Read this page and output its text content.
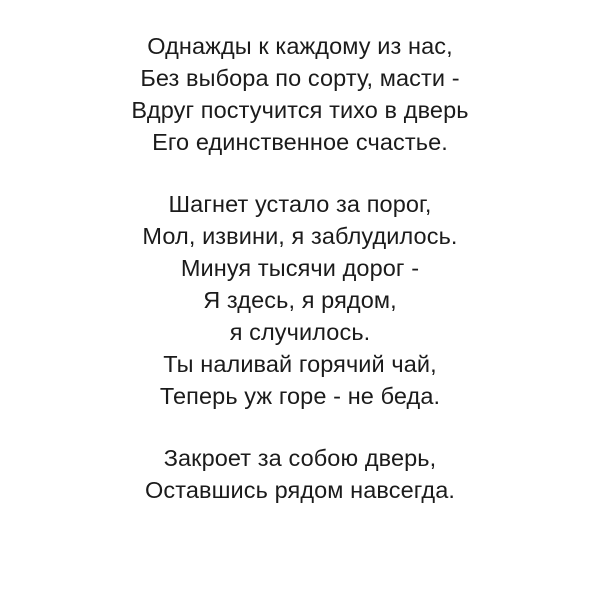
Однажды к каждому из нас,
Без выбора по сорту, масти -
Вдруг постучится тихо в дверь
Его единственное счастье.
Шагнет устало за порог,
Мол, извини, я заблудилось.
Минуя тысячи дорог -
Я здесь, я рядом,
я случилось.
Ты наливай горячий чай,
Теперь уж горе - не беда.
Закроет за собою дверь,
Оставшись рядом навсегда.
